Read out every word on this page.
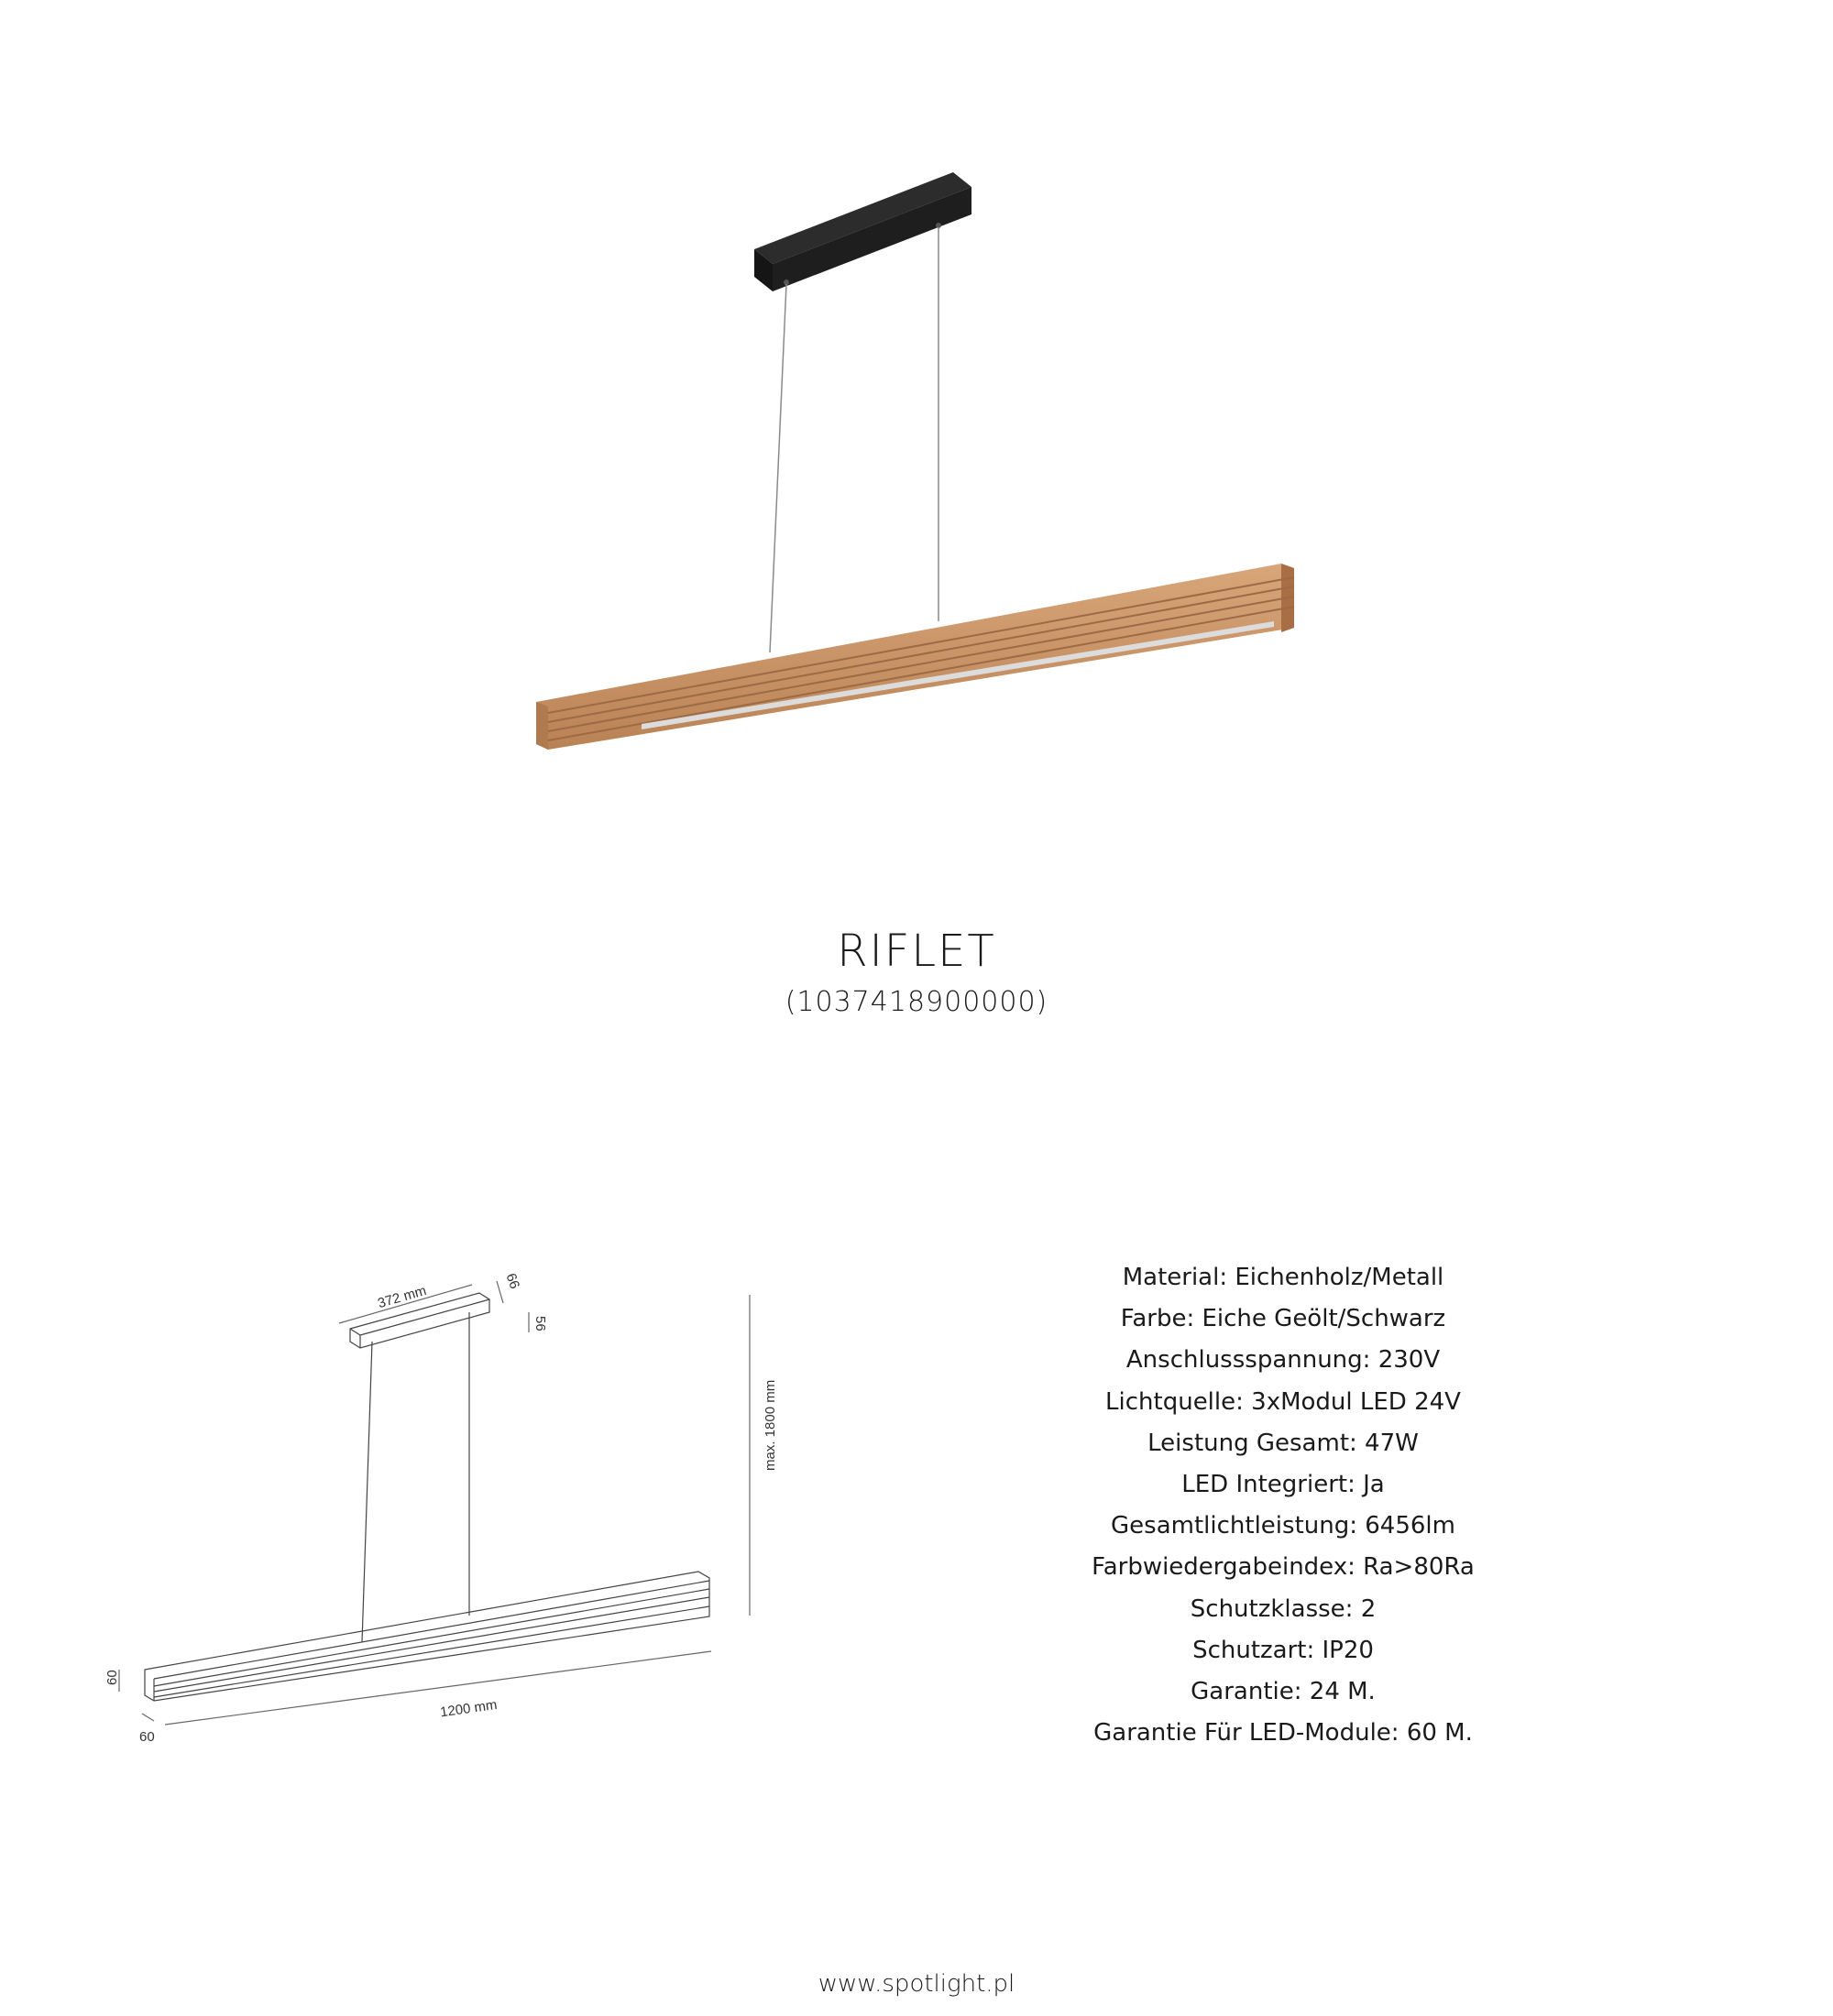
RIFLET
(1037418900000)
372 mm
66
56
max. 1800 mm
60
60
1200 mm
Material: Eichenholz/Metall
Farbe: Eiche Geölt/Schwarz
Anschlussspannung: 230V
Lichtquelle: 3xModul LED 24V
Leistung Gesamt: 47W
LED Integriert: Ja
Gesamtlichtleistung: 6456lm
Farbwiedergabeindex: Ra>80Ra
Schutzklasse: 2
Schutzart: IP20
Garantie: 24 M.
Garantie Für LED-Module: 60 M.
www.spotlight.pl
